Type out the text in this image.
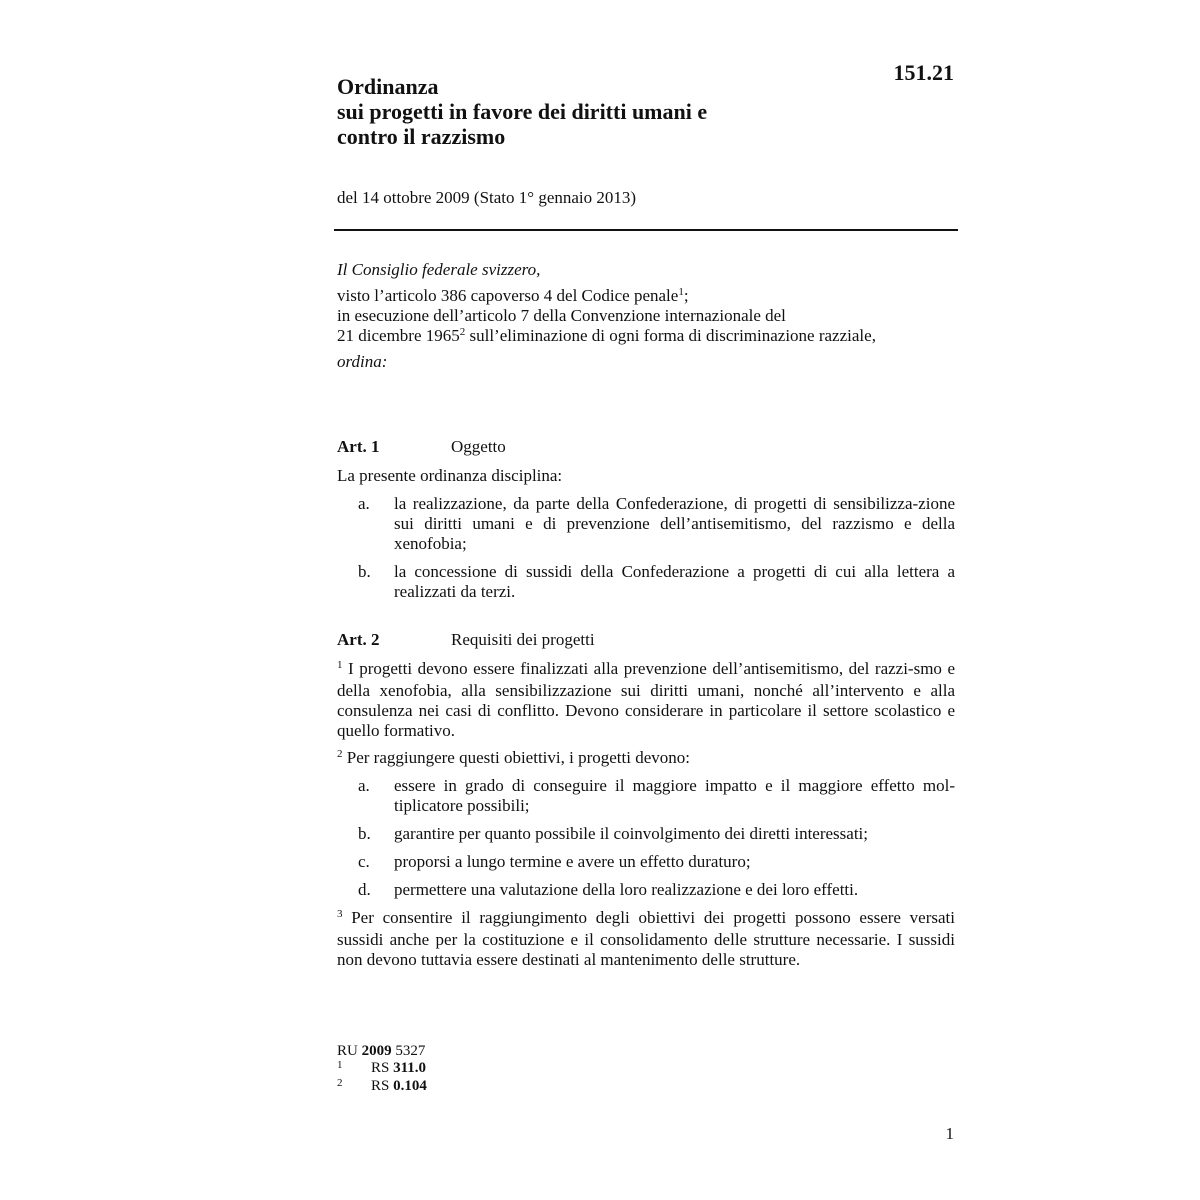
151.21
Ordinanza
sui progetti in favore dei diritti umani e
contro il razzismo
del 14 ottobre 2009 (Stato 1° gennaio 2013)
Il Consiglio federale svizzero,
visto l’articolo 386 capoverso 4 del Codice penale$^1$;
in esecuzione dell’articolo 7 della Convenzione internazionale del
21 dicembre 1965$^2$ sull’eliminazione di ogni forma di discriminazione razziale,
ordina:
Art. 1	Oggetto
La presente ordinanza disciplina:
a. la realizzazione, da parte della Confederazione, di progetti di sensibilizza-zione sui diritti umani e di prevenzione dell’antisemitismo, del razzismo e della xenofobia;
b. la concessione di sussidi della Confederazione a progetti di cui alla lettera a realizzati da terzi.
Art. 2	Requisiti dei progetti
$^1$ I progetti devono essere finalizzati alla prevenzione dell’antisemitismo, del razzi-smo e della xenofobia, alla sensibilizzazione sui diritti umani, nonché all’intervento e alla consulenza nei casi di conflitto. Devono considerare in particolare il settore scolastico e quello formativo.
$^2$ Per raggiungere questi obiettivi, i progetti devono:
a. essere in grado di conseguire il maggiore impatto e il maggiore effetto mol-tiplicatore possibili;
b. garantire per quanto possibile il coinvolgimento dei diretti interessati;
c. proporsi a lungo termine e avere un effetto duraturo;
d. permettere una valutazione della loro realizzazione e dei loro effetti.
$^3$ Per consentire il raggiungimento degli obiettivi dei progetti possono essere versati sussidi anche per la costituzione e il consolidamento delle strutture necessarie. I sussidi non devono tuttavia essere destinati al mantenimento delle strutture.
RU 2009 5327
1 RS 311.0
2 RS 0.104
1
